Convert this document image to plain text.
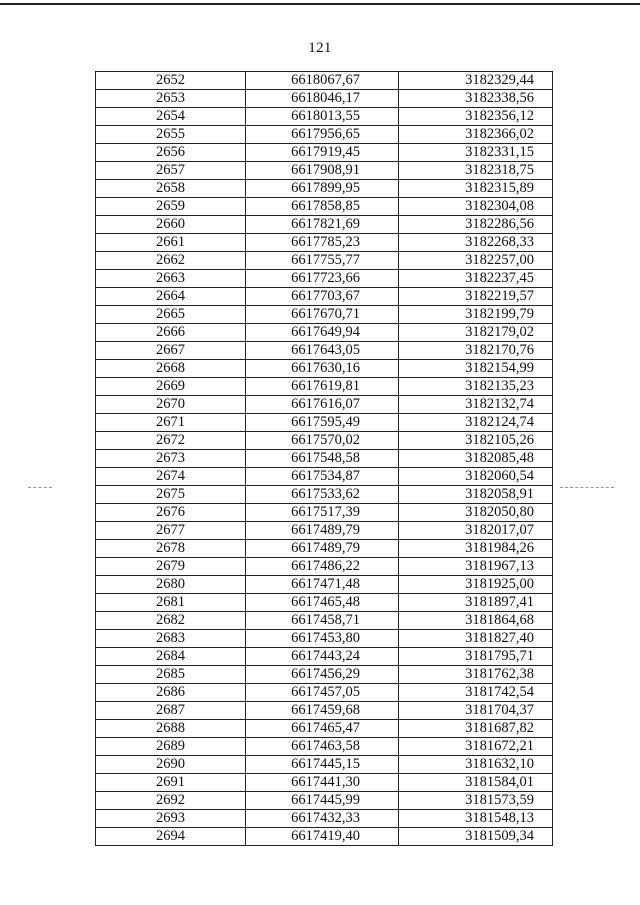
121
2652	6618067,67	3182329,44
2653	6618046,17	3182338,56
2654	6618013,55	3182356,12
2655	6617956,65	3182366,02
2656	6617919,45	3182331,15
2657	6617908,91	3182318,75
2658	6617899,95	3182315,89
2659	6617858,85	3182304,08
2660	6617821,69	3182286,56
2661	6617785,23	3182268,33
2662	6617755,77	3182257,00
2663	6617723,66	3182237,45
2664	6617703,67	3182219,57
2665	6617670,71	3182199,79
2666	6617649,94	3182179,02
2667	6617643,05	3182170,76
2668	6617630,16	3182154,99
2669	6617619,81	3182135,23
2670	6617616,07	3182132,74
2671	6617595,49	3182124,74
2672	6617570,02	3182105,26
2673	6617548,58	3182085,48
2674	6617534,87	3182060,54
2675	6617533,62	3182058,91
2676	6617517,39	3182050,80
2677	6617489,79	3182017,07
2678	6617489,79	3181984,26
2679	6617486,22	3181967,13
2680	6617471,48	3181925,00
2681	6617465,48	3181897,41
2682	6617458,71	3181864,68
2683	6617453,80	3181827,40
2684	6617443,24	3181795,71
2685	6617456,29	3181762,38
2686	6617457,05	3181742,54
2687	6617459,68	3181704,37
2688	6617465,47	3181687,82
2689	6617463,58	3181672,21
2690	6617445,15	3181632,10
2691	6617441,30	3181584,01
2692	6617445,99	3181573,59
2693	6617432,33	3181548,13
2694	6617419,40	3181509,34
